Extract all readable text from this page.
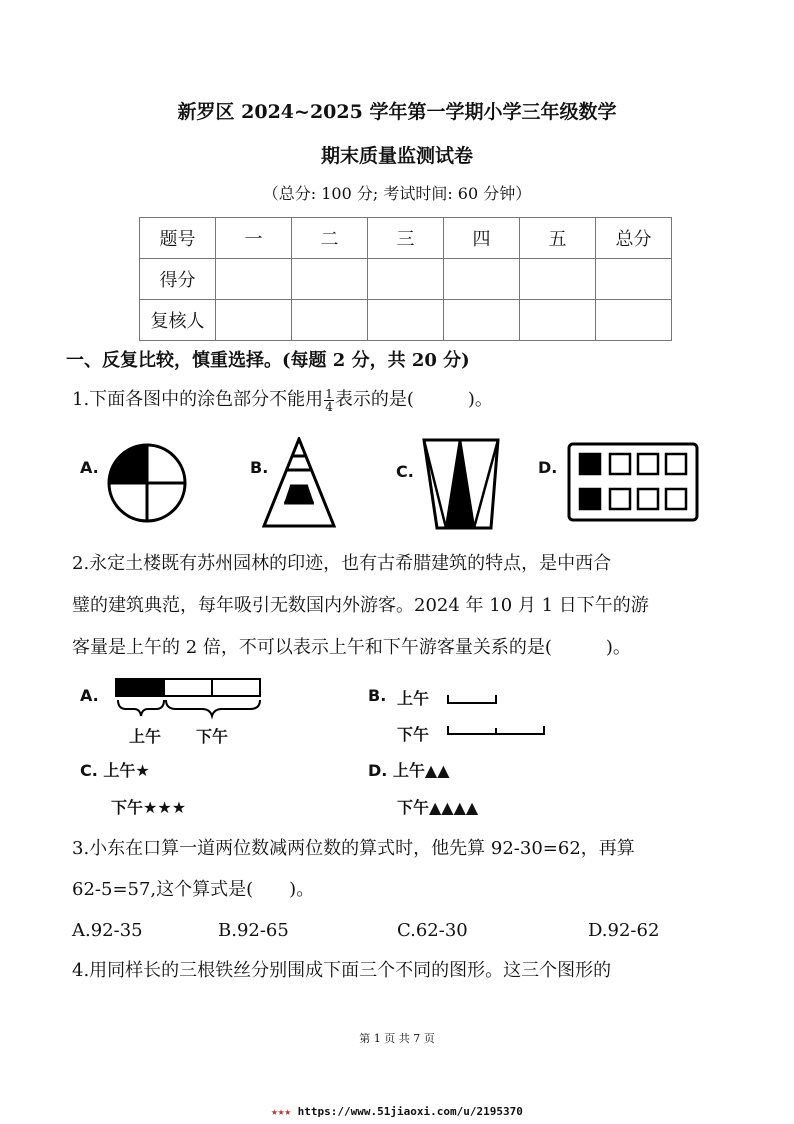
新罗区 2024~2025 学年第一学期小学三年级数学
期末质量监测试卷
（总分: 100 分; 考试时间: 60 分钟）
题号	一	二	三	四	五	总分
得分						
复核人						
一、反复比较，慎重选择。(每题 2 分，共 20 分)
1.下面各图中的涂色部分不能用 $\frac{1}{4}$ 表示的是(　　　)。
A.	B.	C.	D.
2.永定土楼既有苏州园林的印迹，也有古希腊建筑的特点，是中西合
璧的建筑典范，每年吸引无数国内外游客。2024 年 10 月 1 日下午的游
客量是上午的 2 倍，不可以表示上午和下午游客量关系的是(　　　)。
A.
上午 下午
B. 上午
下午
C. 上午★
下午★★★
D. 上午▲▲
下午▲▲▲▲
3.小东在口算一道两位数减两位数的算式时，他先算 92-30=62，再算
62-5=57,这个算式是(　　)。
A.92-35	B.92-65	C.62-30	D.92-62
4.用同样长的三根铁丝分别围成下面三个不同的图形。这三个图形的
第 1 页 共 7 页
★★★ https://www.51jiaoxi.com/u/2195370
